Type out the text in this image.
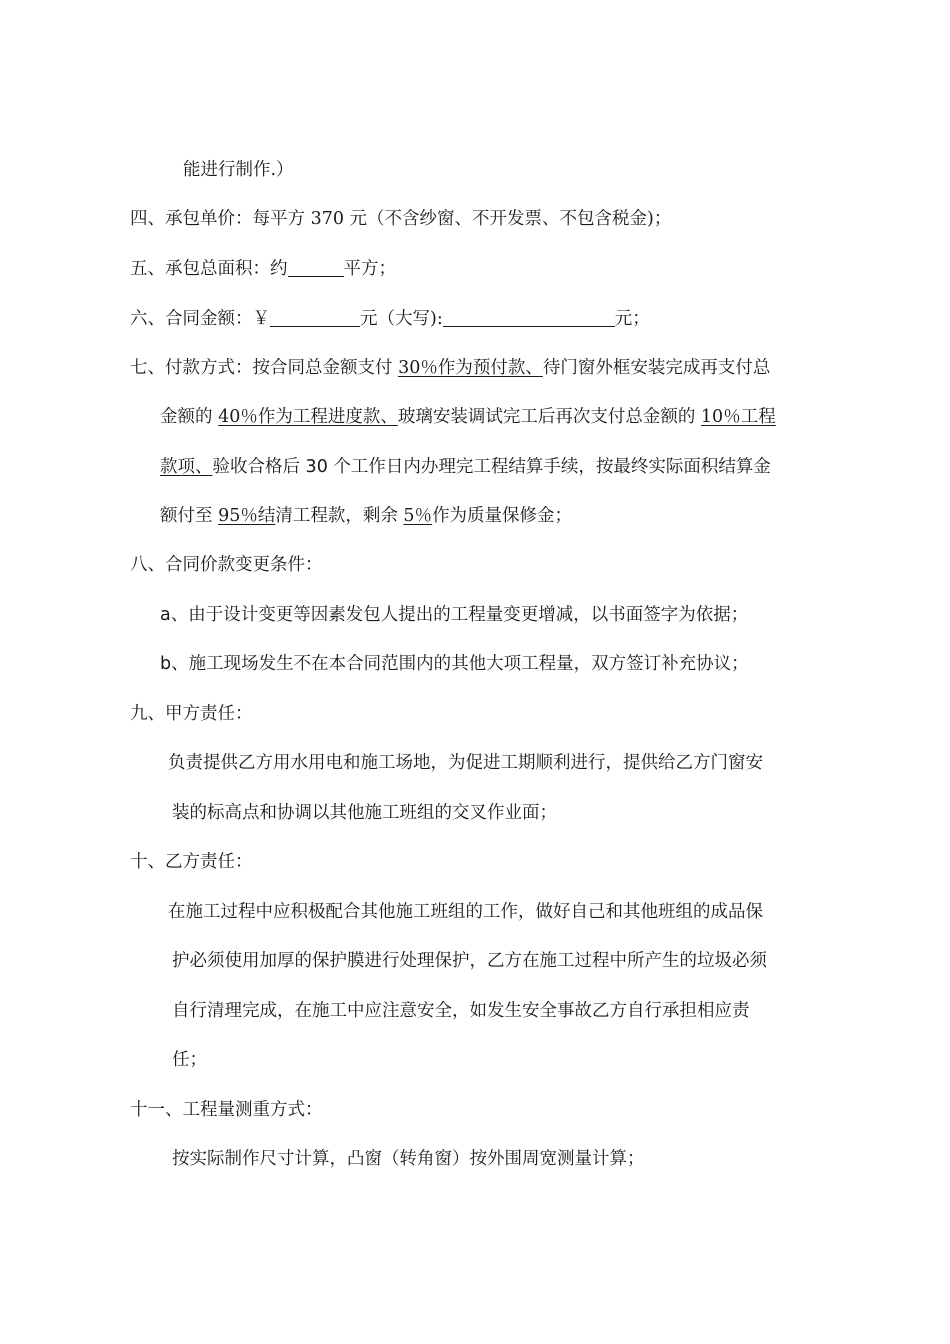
能进行制作.）
四、承包单价：每平方 370 元（不含纱窗、不开发票、不包含税金)；
五、承包总面积：约	平方；
六、合同金额：￥	元（大写):	元；
七、付款方式：按合同总金额支付 30％作为预付款、待门窗外框安装完成再支付总
金额的 40％作为工程进度款、玻璃安装调试完工后再次支付总金额的 10％工程
款项、验收合格后 30 个工作日内办理完工程结算手续，按最终实际面积结算金
额付至 95％结清工程款，剩余 5％作为质量保修金；
八、合同价款变更条件：
a、由于设计变更等因素发包人提出的工程量变更增减，以书面签字为依据；
b、施工现场发生不在本合同范围内的其他大项工程量，双方签订补充协议；
九、甲方责任：
负责提供乙方用水用电和施工场地，为促进工期顺利进行，提供给乙方门窗安
装的标高点和协调以其他施工班组的交叉作业面；
十、乙方责任：
在施工过程中应积极配合其他施工班组的工作，做好自己和其他班组的成品保
护必须使用加厚的保护膜进行处理保护，乙方在施工过程中所产生的垃圾必须
自行清理完成，在施工中应注意安全，如发生安全事故乙方自行承担相应责
任；
十一、工程量测重方式：
按实际制作尺寸计算，凸窗（转角窗）按外围周宽测量计算；
